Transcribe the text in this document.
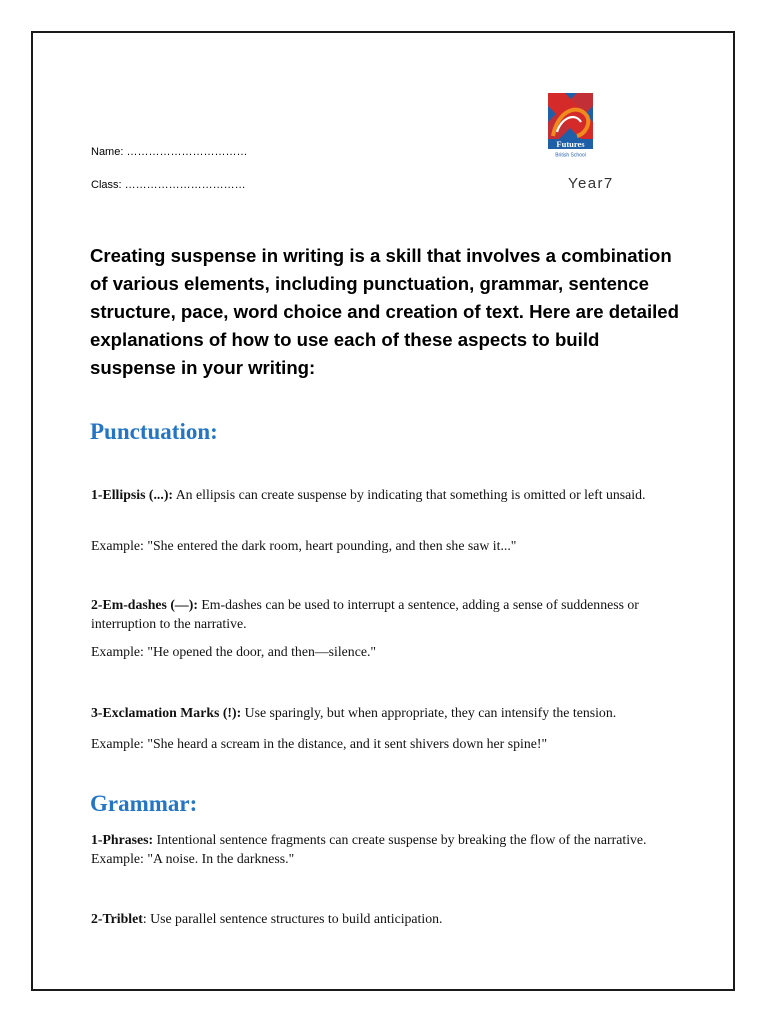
Futures
British School
Name: ……………………………
Class: ……………………………	Year7
Creating suspense in writing is a skill that involves a combination of various elements, including punctuation, grammar, sentence structure, pace, word choice and creation of text. Here are detailed explanations of how to use each of these aspects to build suspense in your writing:
Punctuation:
1-Ellipsis (...): An ellipsis can create suspense by indicating that something is omitted or left unsaid.
Example: "She entered the dark room, heart pounding, and then she saw it..."
2-Em-dashes (—): Em-dashes can be used to interrupt a sentence, adding a sense of suddenness or interruption to the narrative.
Example: "He opened the door, and then—silence."
3-Exclamation Marks (!): Use sparingly, but when appropriate, they can intensify the tension.
Example: "She heard a scream in the distance, and it sent shivers down her spine!"
Grammar:
1-Phrases: Intentional sentence fragments can create suspense by breaking the flow of the narrative. Example: "A noise. In the darkness."
2-Triblet: Use parallel sentence structures to build anticipation.
